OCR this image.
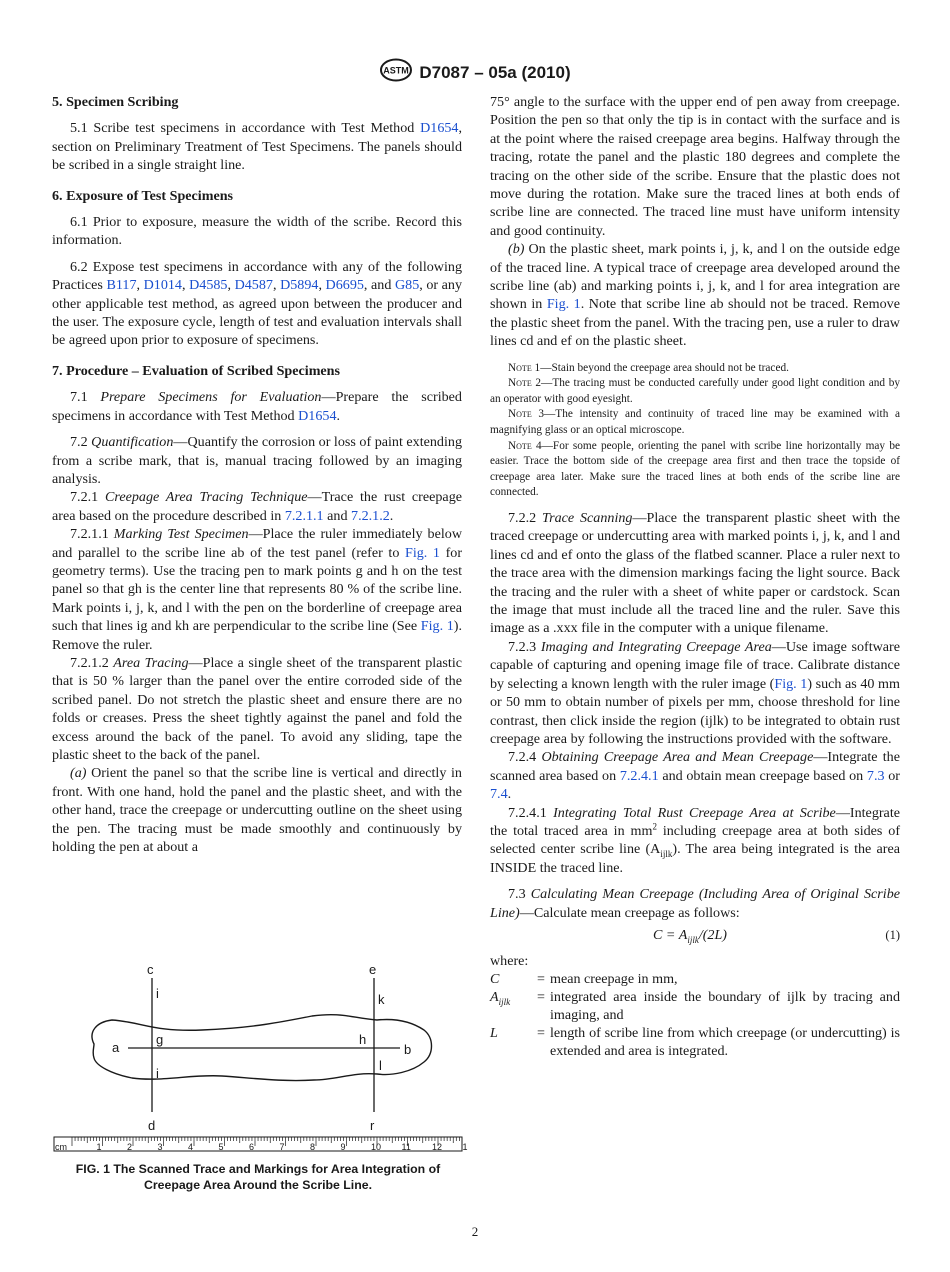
ASTM D7087 – 05a (2010)

5. Specimen Scribing

5.1 Scribe test specimens in accordance with Test Method D1654, section on Preliminary Treatment of Test Specimens. The panels should be scribed in a single straight line.

6. Exposure of Test Specimens

6.1 Prior to exposure, measure the width of the scribe. Record this information.

6.2 Expose test specimens in accordance with any of the following Practices B117, D1014, D4585, D4587, D5894, D6695, and G85, or any other applicable test method, as agreed upon between the producer and the user. The exposure cycle, length of test and evaluation intervals shall be agreed upon prior to exposure of specimens.

7. Procedure – Evaluation of Scribed Specimens

7.1 Prepare Specimens for Evaluation—Prepare the scribed specimens in accordance with Test Method D1654.

7.2 Quantification—Quantify the corrosion or loss of paint extending from a scribe mark, that is, manual tracing followed by an imaging analysis.

7.2.1 Creepage Area Tracing Technique—Trace the rust creepage area based on the procedure described in 7.2.1.1 and 7.2.1.2.

7.2.1.1 Marking Test Specimen—Place the ruler immediately below and parallel to the scribe line ab of the test panel (refer to Fig. 1 for geometry terms). Use the tracing pen to mark points g and h on the test panel so that gh is the center line that represents 80 % of the scribe line. Mark points i, j, k, and l with the pen on the borderline of creepage area such that lines ig and kh are perpendicular to the scribe line (See Fig. 1). Remove the ruler.

7.2.1.2 Area Tracing—Place a single sheet of the transparent plastic that is 50 % larger than the panel over the entire corroded side of the scribed panel. Do not stretch the plastic sheet and ensure there are no folds or creases. Press the sheet tightly against the panel and fold the excess around the back of the panel. To avoid any sliding, tape the plastic sheet to the back of the panel.

(a) Orient the panel so that the scribe line is vertical and directly in front. With one hand, hold the panel and the plastic sheet, and with the other hand, trace the creepage or undercutting outline on the sheet using the pen. The tracing must be made smoothly and continuously by holding the pen at about a

c
i
a
g
i
d
e
k
h
b
l
r
cm	1	2	3	4	5	6	7	8	9	10 11 12 1
FIG. 1 The Scanned Trace and Markings for Area Integration of
Creepage Area Around the Scribe Line.

75° angle to the surface with the upper end of pen away from creepage. Position the pen so that only the tip is in contact with the surface and is at the point where the raised creepage area begins. Halfway through the tracing, rotate the panel and the plastic 180 degrees and complete the tracing on the other side of the scribe. Ensure that the plastic does not move during the rotation. Make sure the traced lines at both ends of scribe line are connected. The traced line must have uniform intensity and good continuity.

(b) On the plastic sheet, mark points i, j, k, and l on the outside edge of the traced line. A typical trace of creepage area developed around the scribe line (ab) and marking points i, j, k, and l for area integration are shown in Fig. 1. Note that scribe line ab should not be traced. Remove the plastic sheet from the panel. With the tracing pen, use a ruler to draw lines cd and ef on the plastic sheet.

Note 1—Stain beyond the creepage area should not be traced.

Note 2—The tracing must be conducted carefully under good light condition and by an operator with good eyesight.

Note 3—The intensity and continuity of traced line may be examined with a magnifying glass or an optical microscope.

Note 4—For some people, orienting the panel with scribe line horizontally may be easier. Trace the bottom side of the creepage area first and then trace the topside of creepage area later. Make sure the traced lines at both ends of the scribe line are connected.

7.2.2 Trace Scanning—Place the transparent plastic sheet with the traced creepage or undercutting area with marked points i, j, k, and l and lines cd and ef onto the glass of the flatbed scanner. Place a ruler next to the trace area with the dimension markings facing the light source. Back the tracing and the ruler with a sheet of white paper or cardstock. Scan the image that must include all the traced line and the ruler. Save this image as a .xxx file in the computer with a unique filename.

7.2.3 Imaging and Integrating Creepage Area—Use image software capable of capturing and opening image file of trace. Calibrate distance by selecting a known length with the ruler image (Fig. 1) such as 40 mm or 50 mm to obtain number of pixels per mm, choose threshold for line contrast, then click inside the region (ijlk) to be integrated to obtain rust creepage area by following the instructions provided with the software.

7.2.4 Obtaining Creepage Area and Mean Creepage—Integrate the scanned area based on 7.2.4.1 and obtain mean creepage based on 7.3 or 7.4.

7.2.4.1 Integrating Total Rust Creepage Area at Scribe—Integrate the total traced area in $mm^2$ including creepage area at both sides of selected center scribe line $(A_{ijlk})$. The area being integrated is the area INSIDE the traced line.

7.3 Calculating Mean Creepage (Including Area of Original Scribe Line)—Calculate mean creepage as follows:

$C = A_{ijlk}/(2L)$	(1)

where:

C	=	mean creepage in mm,
$A_{ijlk}$	=	integrated area inside the boundary of ijlk by tracing and imaging, and
L	=	length of scribe line from which creepage (or undercutting) is extended and area is integrated.
2
